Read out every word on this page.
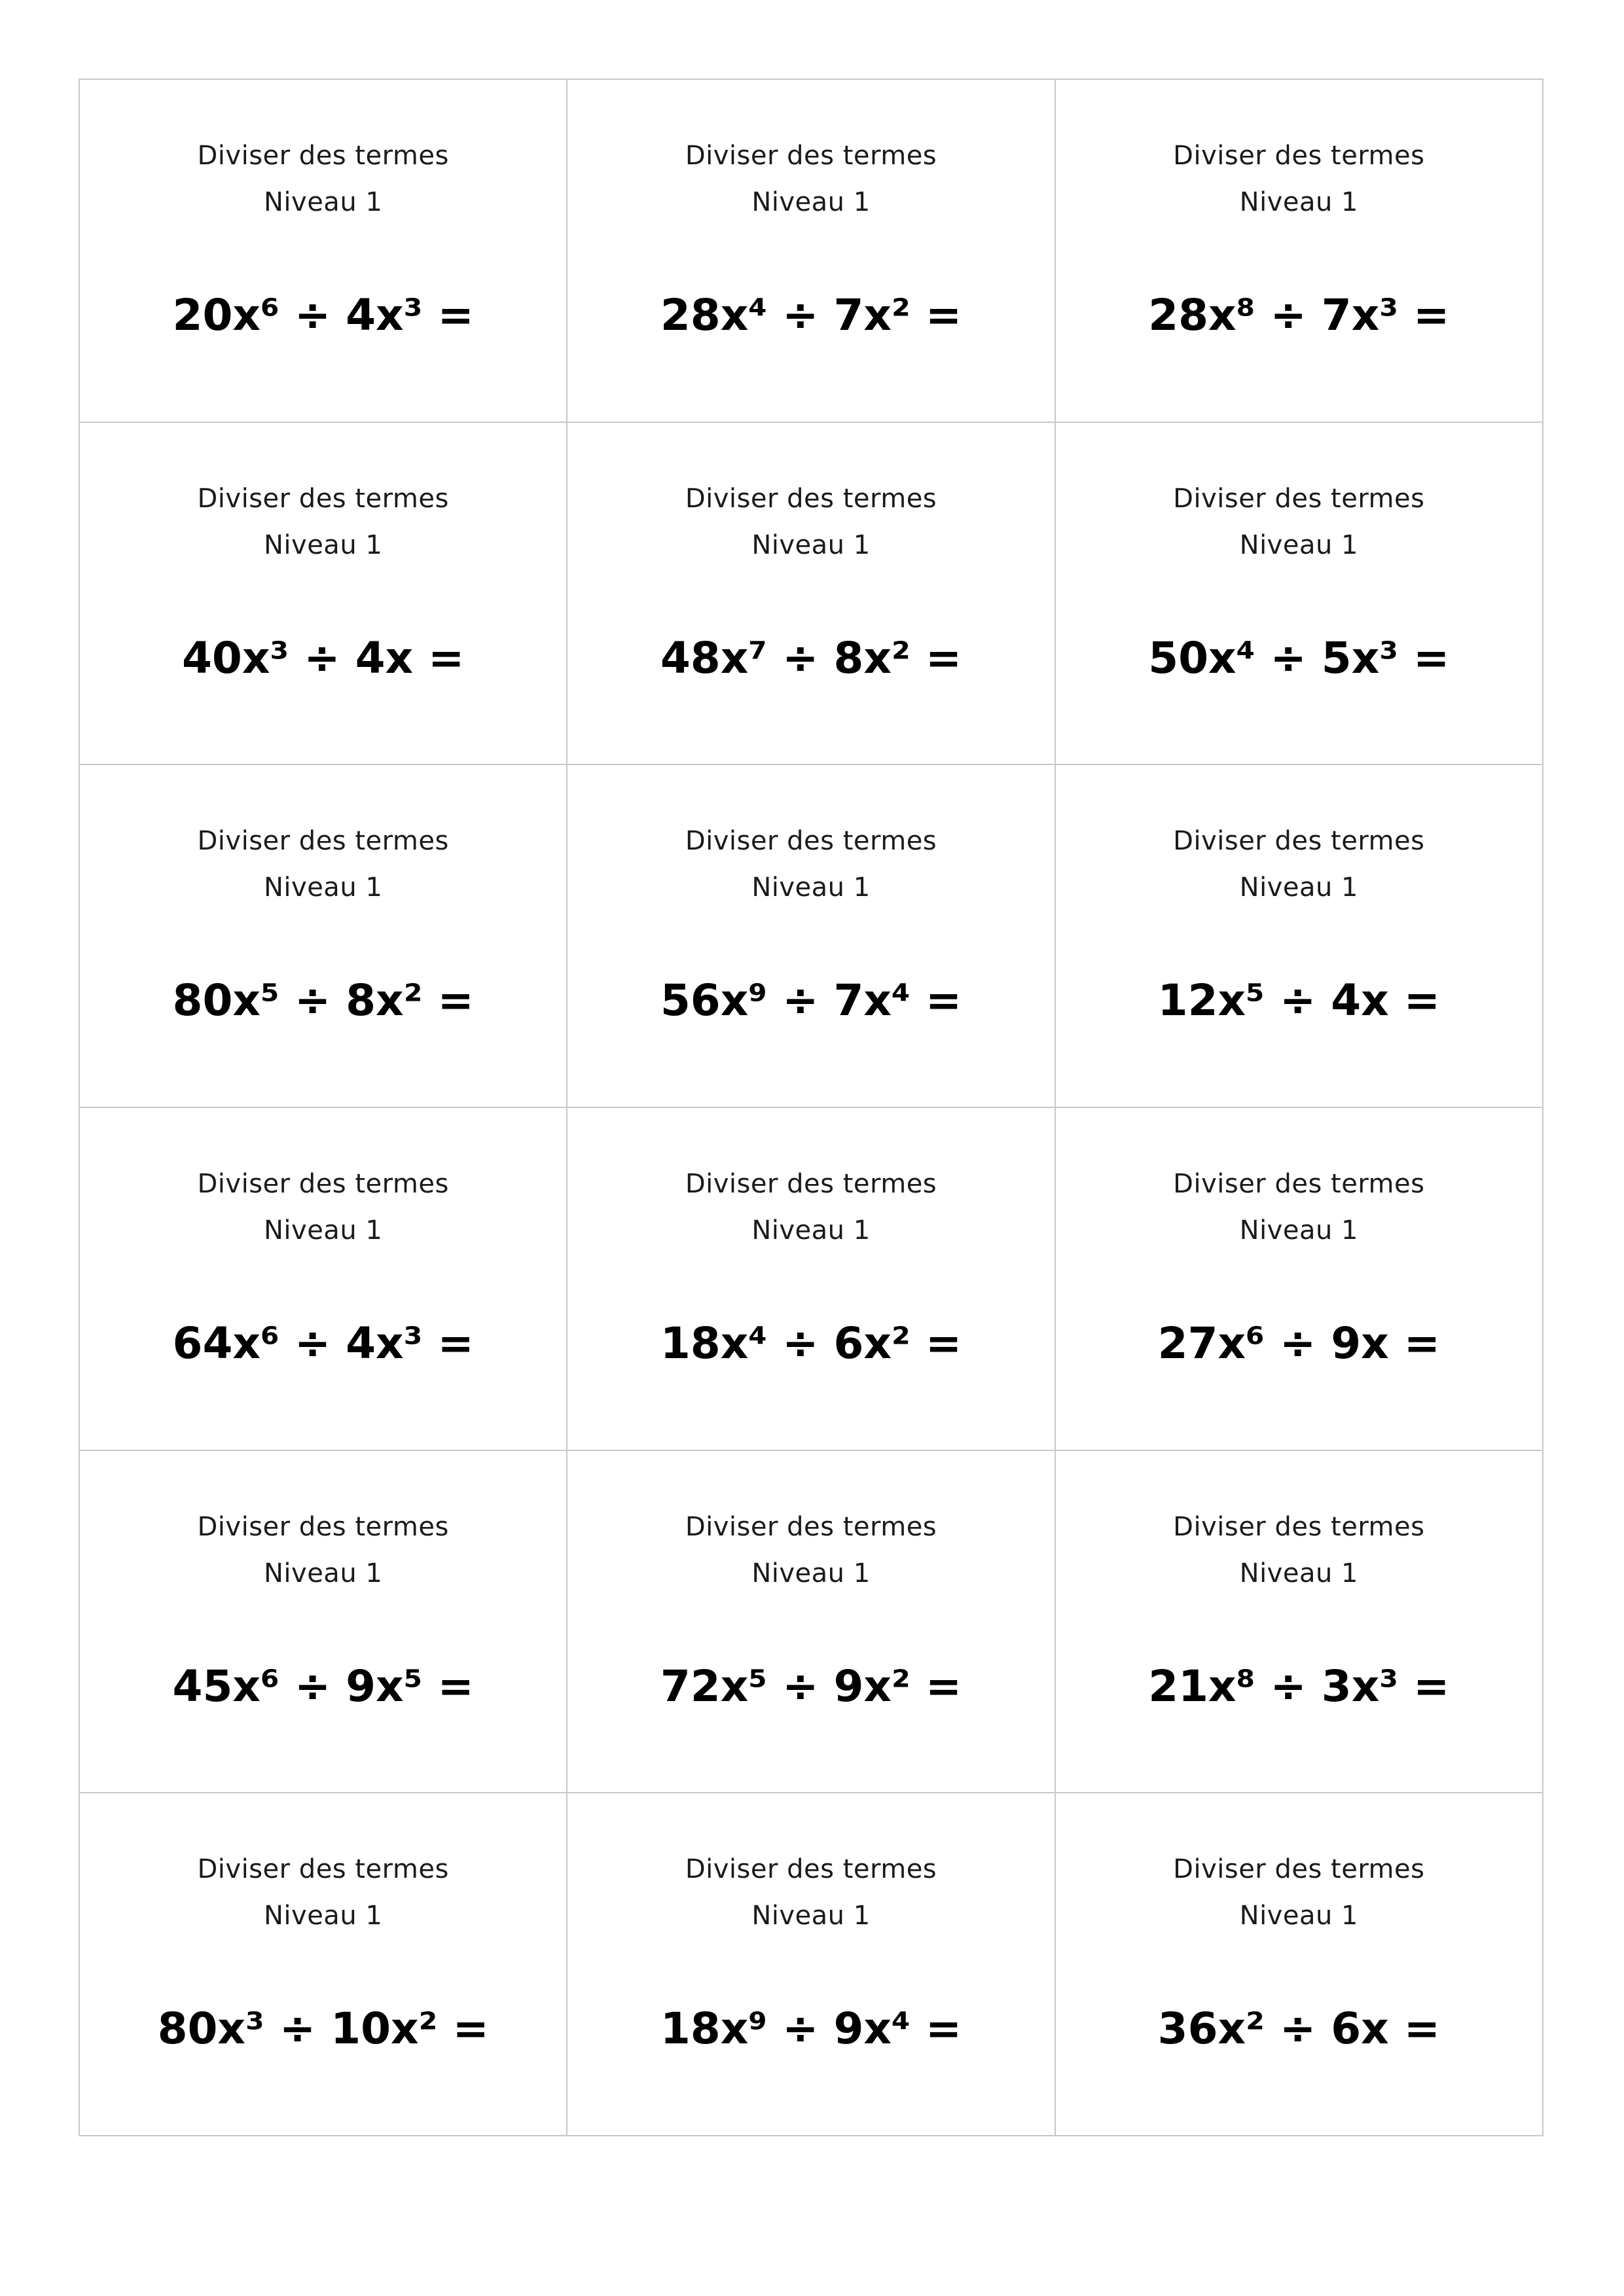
Diviser des termes
Niveau 1
20x⁶ ÷ 4x³ =
Diviser des termes
Niveau 1
28x⁴ ÷ 7x² =
Diviser des termes
Niveau 1
28x⁸ ÷ 7x³ =
Diviser des termes
Niveau 1
40x³ ÷ 4x =
Diviser des termes
Niveau 1
48x⁷ ÷ 8x² =
Diviser des termes
Niveau 1
50x⁴ ÷ 5x³ =
Diviser des termes
Niveau 1
80x⁵ ÷ 8x² =
Diviser des termes
Niveau 1
56x⁹ ÷ 7x⁴ =
Diviser des termes
Niveau 1
12x⁵ ÷ 4x =
Diviser des termes
Niveau 1
64x⁶ ÷ 4x³ =
Diviser des termes
Niveau 1
18x⁴ ÷ 6x² =
Diviser des termes
Niveau 1
27x⁶ ÷ 9x =
Diviser des termes
Niveau 1
45x⁶ ÷ 9x⁵ =
Diviser des termes
Niveau 1
72x⁵ ÷ 9x² =
Diviser des termes
Niveau 1
21x⁸ ÷ 3x³ =
Diviser des termes
Niveau 1
80x³ ÷ 10x² =
Diviser des termes
Niveau 1
18x⁹ ÷ 9x⁴ =
Diviser des termes
Niveau 1
36x² ÷ 6x =
